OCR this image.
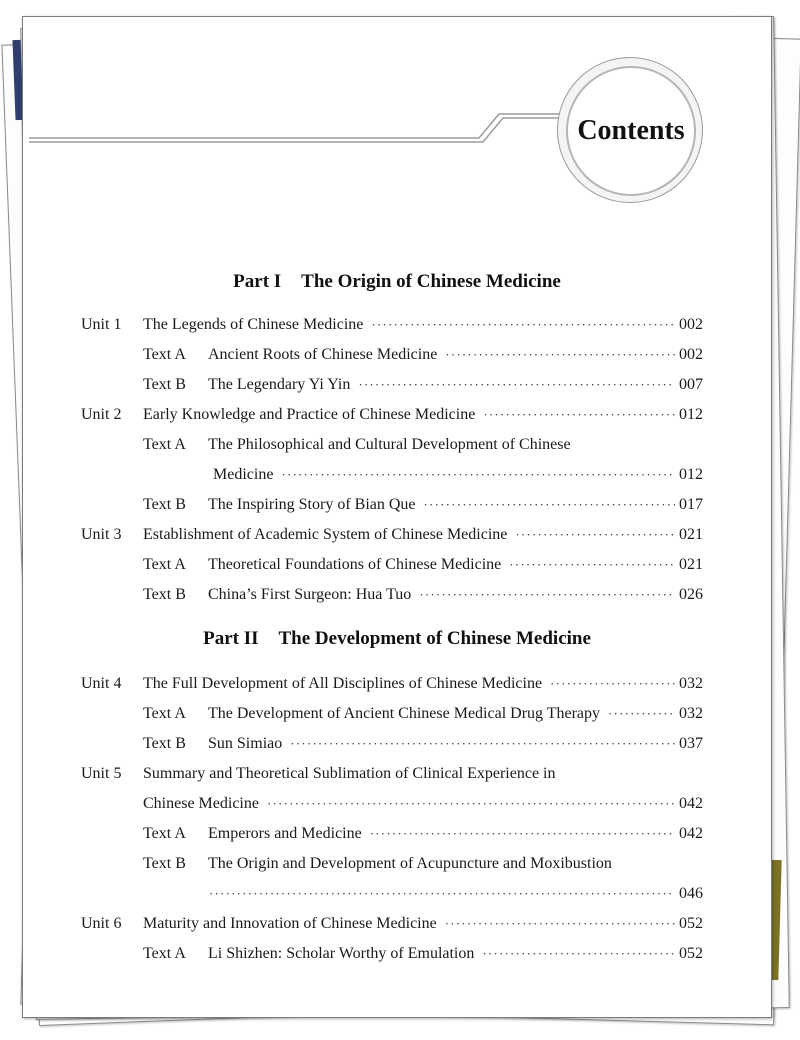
Contents
Part I The Origin of Chinese Medicine
Unit 1	The Legends of Chinese Medicine ·····	002
Text A	Ancient Roots of Chinese Medicine ·····	002
Text B	The Legendary Yi Yin ·····	007
Unit 2	Early Knowledge and Practice of Chinese Medicine ·····	012
Text A	The Philosophical and Cultural Development of Chinese
Medicine ·····	012
Text B	The Inspiring Story of Bian Que ·····	017
Unit 3	Establishment of Academic System of Chinese Medicine ·····	021
Text A	Theoretical Foundations of Chinese Medicine ·····	021
Text B	China’s First Surgeon: Hua Tuo ·····	026
Part II The Development of Chinese Medicine
Unit 4	The Full Development of All Disciplines of Chinese Medicine ·····	032
Text A	The Development of Ancient Chinese Medical Drug Therapy ·····	032
Text B	Sun Simiao ·····	037
Unit 5	Summary and Theoretical Sublimation of Clinical Experience in
Chinese Medicine ·····	042
Text A	Emperors and Medicine ·····	042
Text B	The Origin and Development of Acupuncture and Moxibustion
·····
046
Unit 6	Maturity and Innovation of Chinese Medicine ·····	052
Text A	Li Shizhen: Scholar Worthy of Emulation ·····	052
